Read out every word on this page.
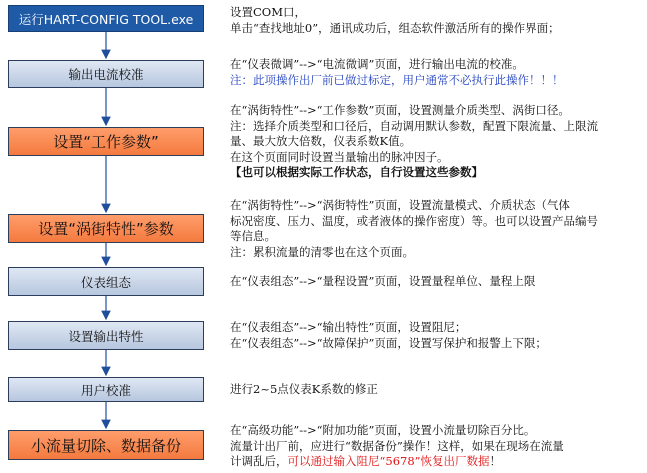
运行HART-CONFIG TOOL.exe
输出电流校准
设置“工作参数”
设置“涡街特性”参数
仪表组态
设置输出特性
用户校准
小流量切除、数据备份
设置COM口，
单击“查找地址0”，通讯成功后，组态软件激活所有的操作界面；
在“仪表微调”-->“电流微调”页面，进行输出电流的校准。
注：此项操作出厂前已做过标定，用户通常不必执行此操作！！！
在“涡街特性”-->“工作参数”页面，设置测量介质类型、涡街口径。
注：选择介质类型和口径后，自动调用默认参数，配置下限流量、上限流
量、最大放大倍数，仪表系数K值。
在这个页面同时设置当量输出的脉冲因子。
【也可以根据实际工作状态，自行设置这些参数】
在“涡街特性”-->“涡街特性”页面，设置流量模式、介质状态（气体
标况密度、压力、温度，或者液体的操作密度）等。也可以设置产品编号
等信息。
注：累积流量的清零也在这个页面。
在“仪表组态”-->“量程设置”页面，设置量程单位、量程上限
在“仪表组态”-->“输出特性”页面，设置阻尼；
在“仪表组态”-->“故障保护”页面，设置写保护和报警上下限；
进行2~5点仪表K系数的修正
在“高级功能”-->“附加功能”页面，设置小流量切除百分比。
流量计出厂前，应进行“数据备份”操作！这样，如果在现场在流量
计调乱后，可以通过输入阻尼“5678”恢复出厂数据！
